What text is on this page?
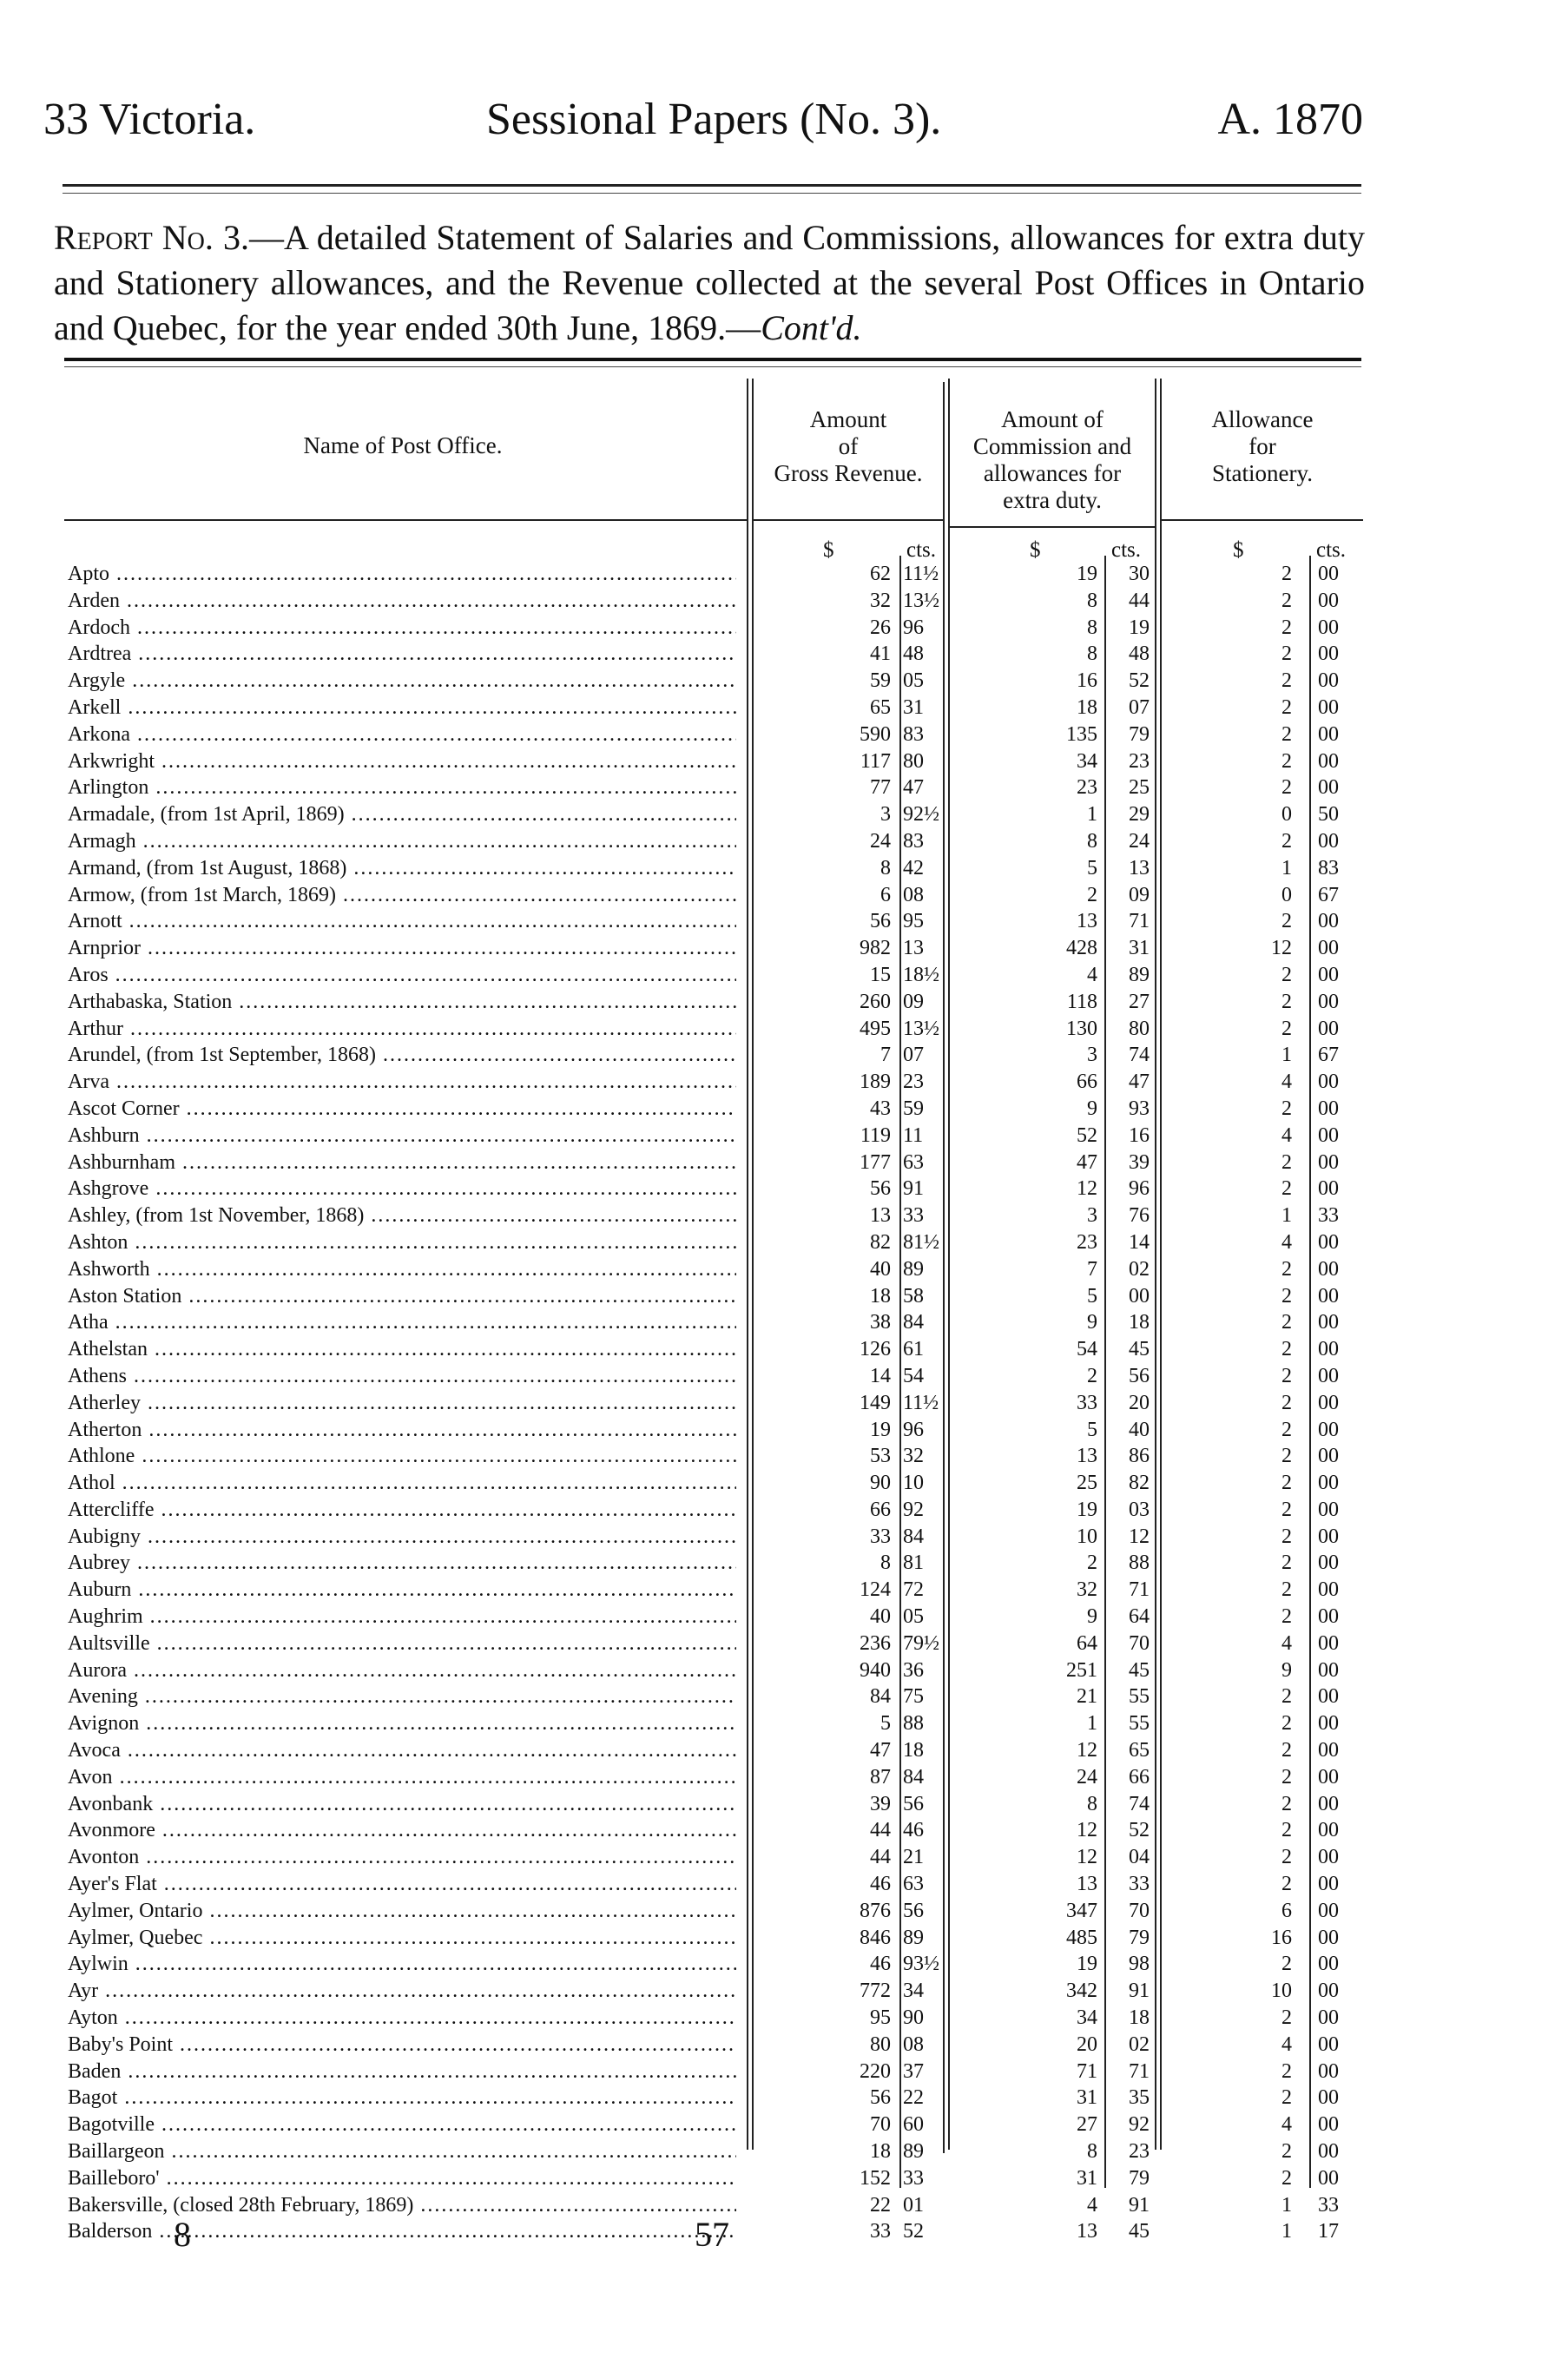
33 Victoria.	Sessional Papers (No. 3).	A. 1870
Report No. 3.—A detailed Statement of Salaries and Commissions, allowances for extra duty and Stationery allowances, and the Revenue collected at the several Post Offices in Ontario and Quebec, for the year ended 30th June, 1869.—Cont'd.
Name of Post Office.
Amount
of
Gross Revenue.
Amount of
Commission and
allowances for
extra duty.
Allowance
for
Stationery.
$	cts.	$	cts.	$	cts.
Apto .....	62 11½	19 30	2 00
Arden .....	32 13½	8 44	2 00
Ardoch .....	26 96	8 19	2 00
Ardtrea .....	41 48	8 48	2 00
Argyle .....	59 05	16 52	2 00
Arkell .....	65 31	18 07	2 00
Arkona .....	590 83	135 79	2 00
Arkwright .....	117 80	34 23	2 00
Arlington .....	77 47	23 25	2 00
Armadale, (from 1st April, 1869) .....	3 92½	1 29	0 50
Armagh .....	24 83	8 24	2 00
Armand, (from 1st August, 1868) .....	8 42	5 13	1 83
Armow, (from 1st March, 1869) .....	6 08	2 09	0 67
Arnott .....	56 95	13 71	2 00
Arnprior .....	982 13	428 31	12 00
Aros .....	15 18½	4 89	2 00
Arthabaska, Station .....	260 09	118 27	2 00
Arthur .....	495 13½	130 80	2 00
Arundel, (from 1st September, 1868) .....	7 07	3 74	1 67
Arva .....	189 23	66 47	4 00
Ascot Corner .....	43 59	9 93	2 00
Ashburn .....	119 11	52 16	4 00
Ashburnham .....	177 63	47 39	2 00
Ashgrove .....	56 91	12 96	2 00
Ashley, (from 1st November, 1868) .....	13 33	3 76	1 33
Ashton .....	82 81½	23 14	4 00
Ashworth .....	40 89	7 02	2 00
Aston Station .....	18 58	5 00	2 00
Atha .....	38 84	9 18	2 00
Athelstan .....	126 61	54 45	2 00
Athens .....	14 54	2 56	2 00
Atherley .....	149 11½	33 20	2 00
Atherton .....	19 96	5 40	2 00
Athlone .....	53 32	13 86	2 00
Athol .....	90 10	25 82	2 00
Attercliffe .....	66 92	19 03	2 00
Aubigny .....	33 84	10 12	2 00
Aubrey .....	8 81	2 88	2 00
Auburn .....	124 72	32 71	2 00
Aughrim .....	40 05	9 64	2 00
Aultsville .....	236 79½	64 70	4 00
Aurora .....	940 36	251 45	9 00
Avening .....	84 75	21 55	2 00
Avignon .....	5 88	1 55	2 00
Avoca .....	47 18	12 65	2 00
Avon .....	87 84	24 66	2 00
Avonbank .....	39 56	8 74	2 00
Avonmore .....	44 46	12 52	2 00
Avonton .....	44 21	12 04	2 00
Ayer's Flat .....	46 63	13 33	2 00
Aylmer, Ontario .....	876 56	347 70	6 00
Aylmer, Quebec .....	846 89	485 79	16 00
Aylwin .....	46 93½	19 98	2 00
Ayr .....	772 34	342 91	10 00
Ayton .....	95 90	34 18	2 00
Baby's Point .....	80 08	20 02	4 00
Baden .....	220 37	71 71	2 00
Bagot .....	56 22	31 35	2 00
Bagotville .....	70 60	27 92	4 00
Baillargeon .....	18 89	8 23	2 00
Bailleboro' .....	152 33	31 79	2 00
Bakersville, (closed 28th February, 1869) .....	22 01	4 91	1 33
Balderson .....	33 52	13 45	1 17
8	57
